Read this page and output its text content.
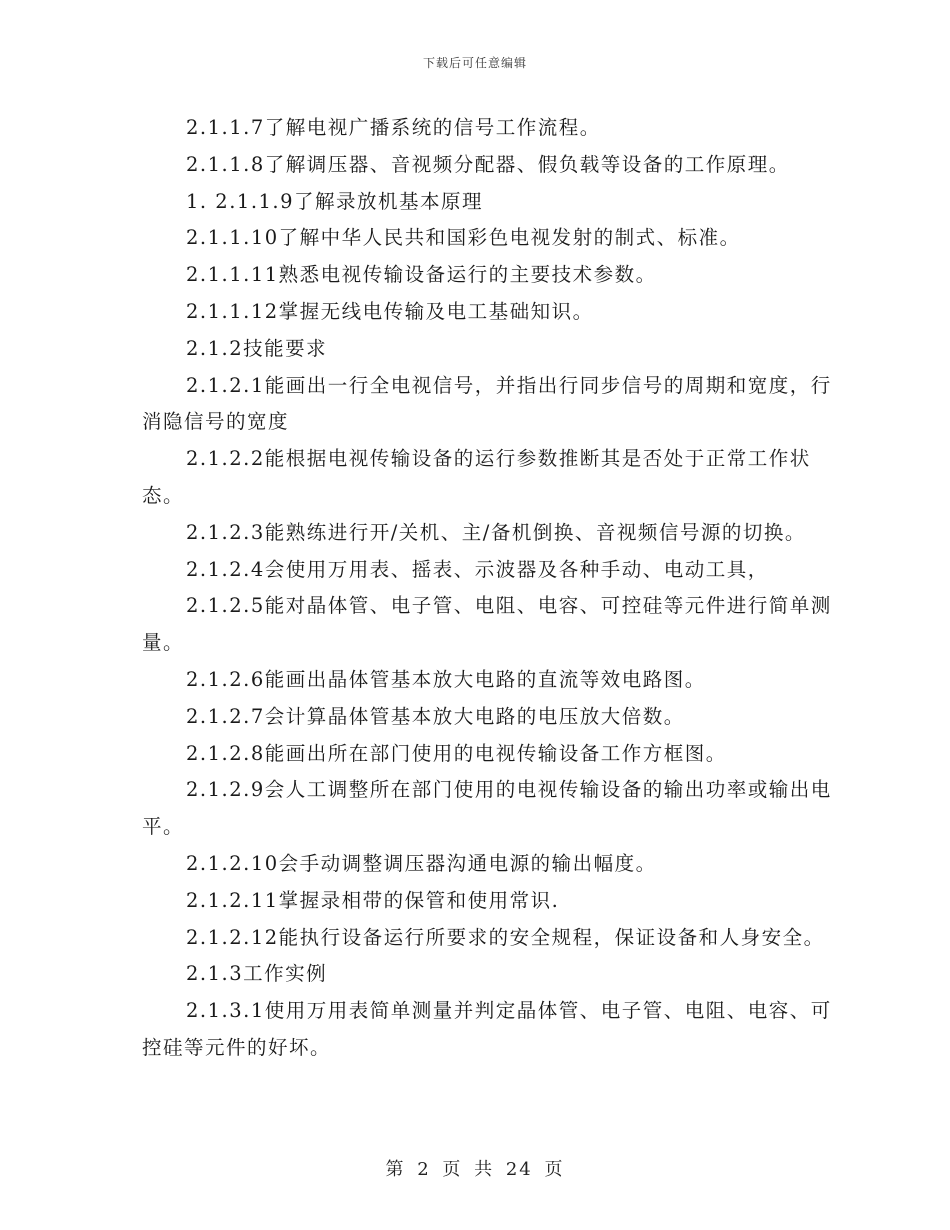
下载后可任意编辑

2.1.1.7了解电视广播系统的信号工作流程。

2.1.1.8了解调压器、音视频分配器、假负载等设备的工作原理。

1. 2.1.1.9了解录放机基本原理

2.1.1.10了解中华人民共和国彩色电视发射的制式、标准。

2.1.1.11熟悉电视传输设备运行的主要技术参数。

2.1.1.12掌握无线电传输及电工基础知识。

2.1.2技能要求

2.1.2.1能画出一行全电视信号，并指出行同步信号的周期和宽度，行消隐信号的宽度

2.1.2.2能根据电视传输设备的运行参数推断其是否处于正常工作状态。

2.1.2.3能熟练进行开/关机、主/备机倒换、音视频信号源的切换。

2.1.2.4会使用万用表、摇表、示波器及各种手动、电动工具，

2.1.2.5能对晶体管、电子管、电阻、电容、可控硅等元件进行简单测量。

2.1.2.6能画出晶体管基本放大电路的直流等效电路图。

2.1.2.7会计算晶体管基本放大电路的电压放大倍数。

2.1.2.8能画出所在部门使用的电视传输设备工作方框图。

2.1.2.9会人工调整所在部门使用的电视传输设备的输出功率或输出电平。

2.1.2.10会手动调整调压器沟通电源的输出幅度。

2.1.2.11掌握录相带的保管和使用常识.

2.1.2.12能执行设备运行所要求的安全规程，保证设备和人身安全。

2.1.3工作实例

2.1.3.1使用万用表简单测量并判定晶体管、电子管、电阻、电容、可控硅等元件的好坏。

第 2 页 共 24 页
